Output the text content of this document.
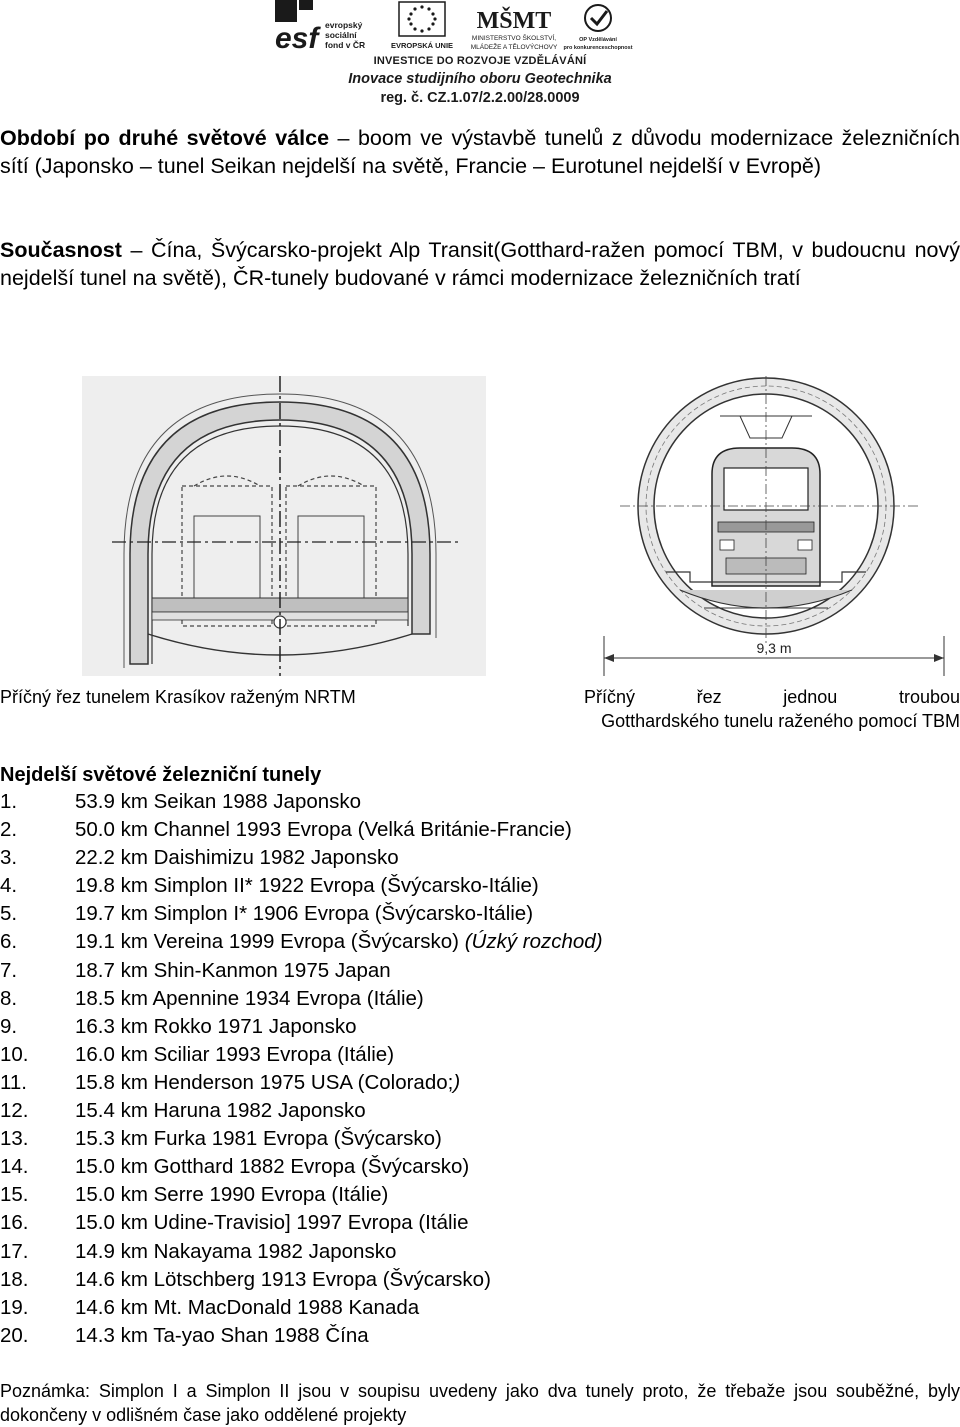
esf evropský
sociální
fond v ČR	EVROPSKÁ UNIE
MŠMT
MINISTERSTVO ŠKOLSTVÍ,
MLÁDEŽE A TĚLOVÝCHOVY
OP Vzdělávání
pro konkurenceschopnost
INVESTICE DO ROZVOJE VZDĚLÁVÁNÍ
Inovace studijního oboru Geotechnika
reg. č. CZ.1.07/2.2.00/28.0009
Období po druhé světové válce – boom ve výstavbě tunelů z důvodu modernizace železničních sítí (Japonsko – tunel Seikan nejdelší na světě, Francie – Eurotunel nejdelší v Evropě)
Současnost – Čína, Švýcarsko-projekt Alp Transit(Gotthard-ražen pomocí TBM, v budoucnu nový nejdelší tunel na světě), ČR-tunely budované v rámci modernizace železničních tratí
9,3 m
Příčný řez tunelem Krasíkov raženým NRTM	Příčný řez jednou troubou
Gotthardského tunelu raženého pomocí TBM
Nejdelší světové železniční tunely
1.	53.9 km Seikan 1988 Japonsko
2.	50.0 km Channel 1993 Evropa (Velká Británie-Francie)
3.	22.2 km Daishimizu 1982 Japonsko
4.	19.8 km Simplon II* 1922 Evropa (Švýcarsko-Itálie)
5.	19.7 km Simplon I* 1906 Evropa (Švýcarsko-Itálie)
6.	19.1 km Vereina 1999 Evropa (Švýcarsko) (Úzký rozchod)
7.	18.7 km Shin-Kanmon 1975 Japan
8.	18.5 km Apennine 1934 Evropa (Itálie)
9.	16.3 km Rokko 1971 Japonsko
10.	16.0 km Sciliar 1993 Evropa (Itálie)
11.	15.8 km Henderson 1975 USA (Colorado;)
12.	15.4 km Haruna 1982 Japonsko
13.	15.3 km Furka 1981 Evropa (Švýcarsko)
14.	15.0 km Gotthard 1882 Evropa (Švýcarsko)
15.	15.0 km Serre 1990 Evropa (Itálie)
16.	15.0 km Udine-Travisio] 1997 Evropa (Itálie
17.	14.9 km Nakayama 1982 Japonsko
18.	14.6 km Lötschberg 1913 Evropa (Švýcarsko)
19.	14.6 km Mt. MacDonald 1988 Kanada
20.	14.3 km Ta-yao Shan 1988 Čína
Poznámka: Simplon I a Simplon II jsou v soupisu uvedeny jako dva tunely proto, že třebaže jsou souběžné, byly dokončeny v odlišném čase jako oddělené projekty
